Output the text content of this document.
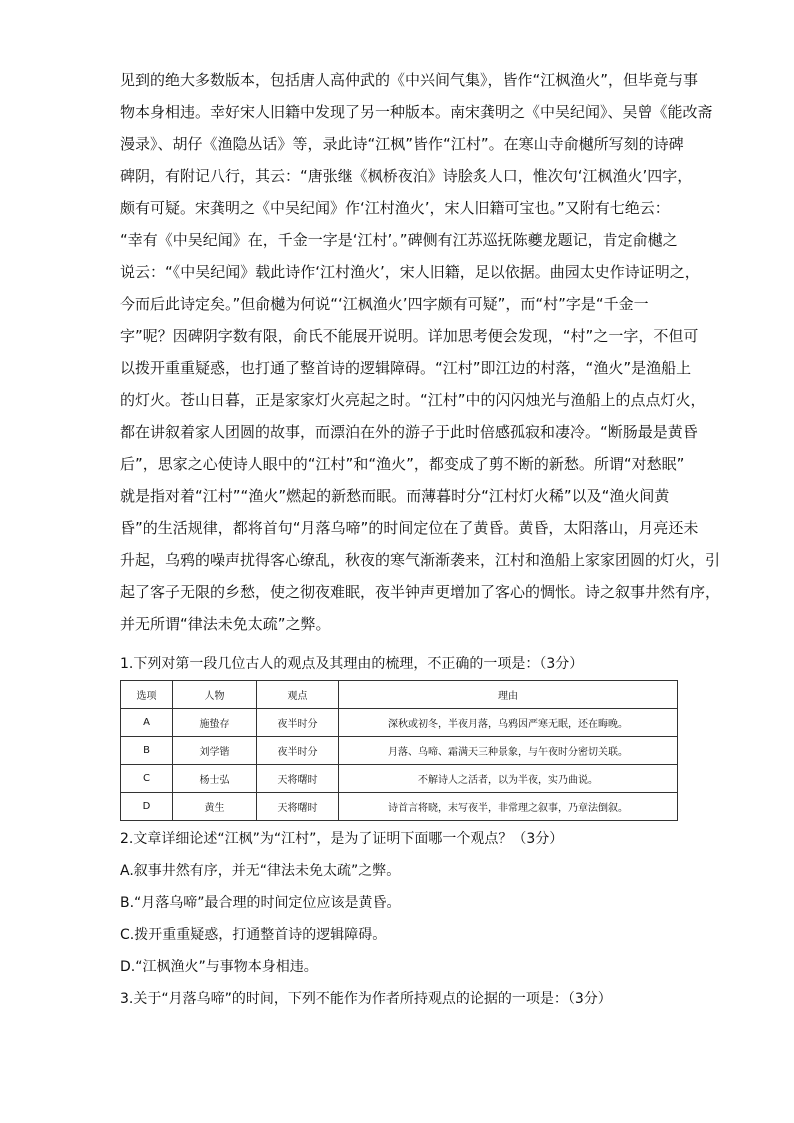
见到的绝大多数版本，包括唐人高仲武的《中兴间气集》，皆作“江枫渔火”，但毕竟与事
物本身相违。幸好宋人旧籍中发现了另一种版本。南宋龚明之《中吴纪闻》、吴曾《能改斋
漫录》、胡仔《渔隐丛话》等，录此诗“江枫”皆作“江村”。在寒山寺俞樾所写刻的诗碑
碑阴，有附记八行，其云：“唐张继《枫桥夜泊》诗脍炙人口，惟次句‘江枫渔火’四字，
颇有可疑。宋龚明之《中吴纪闻》作‘江村渔火’，宋人旧籍可宝也。”又附有七绝云：
“幸有《中吴纪闻》在，千金一字是‘江村’。”碑侧有江苏巡抚陈夔龙题记，肯定俞樾之
说云：“《中吴纪闻》载此诗作‘江村渔火’，宋人旧籍，足以依据。曲园太史作诗证明之，
今而后此诗定矣。”但俞樾为何说“‘江枫渔火’四字颇有可疑”，而“村”字是“千金一
字”呢？因碑阴字数有限，俞氏不能展开说明。详加思考便会发现，“村”之一字，不但可
以拨开重重疑惑，也打通了整首诗的逻辑障碍。“江村”即江边的村落，“渔火”是渔船上
的灯火。苍山日暮，正是家家灯火亮起之时。“江村”中的闪闪烛光与渔船上的点点灯火，
都在讲叙着家人团圆的故事，而漂泊在外的游子于此时倍感孤寂和凄冷。“断肠最是黄昏
后”，思家之心使诗人眼中的“江村”和“渔火”，都变成了剪不断的新愁。所谓“对愁眠”
就是指对着“江村”“渔火”燃起的新愁而眠。而薄暮时分“江村灯火稀”以及“渔火间黄
昏”的生活规律，都将首句“月落乌啼”的时间定位在了黄昏。黄昏，太阳落山，月亮还未
升起，乌鸦的噪声扰得客心缭乱，秋夜的寒气渐渐袭来，江村和渔船上家家团圆的灯火，引
起了客子无限的乡愁，使之彻夜难眠，夜半钟声更增加了客心的惆怅。诗之叙事井然有序，
并无所谓“律法未免太疏”之弊。

1.下列对第一段几位古人的观点及其理由的梳理，不正确的一项是：（3分）

选项	人物	观点	理由
A	施蛰存	夜半时分	深秋或初冬，半夜月落，乌鸦因严寒无眠，还在晦晚。
B	刘学锴	夜半时分	月落、乌啼、霜满天三种景象，与午夜时分密切关联。
C	杨士弘	天将曙时	不解诗人之活者，以为半夜，实乃曲说。
D	黄生	天将曙时	诗首言将晓，末写夜半，非常理之叙事，乃章法倒叙。

2.文章详细论述“江枫”为“江村”，是为了证明下面哪一个观点？（3分）

A.叙事井然有序，并无“律法未免太疏”之弊。

B.“月落乌啼”最合理的时间定位应该是黄昏。

C.拨开重重疑惑，打通整首诗的逻辑障碍。

D.“江枫渔火”与事物本身相违。

3.关于“月落乌啼”的时间，下列不能作为作者所持观点的论据的一项是：（3分）
